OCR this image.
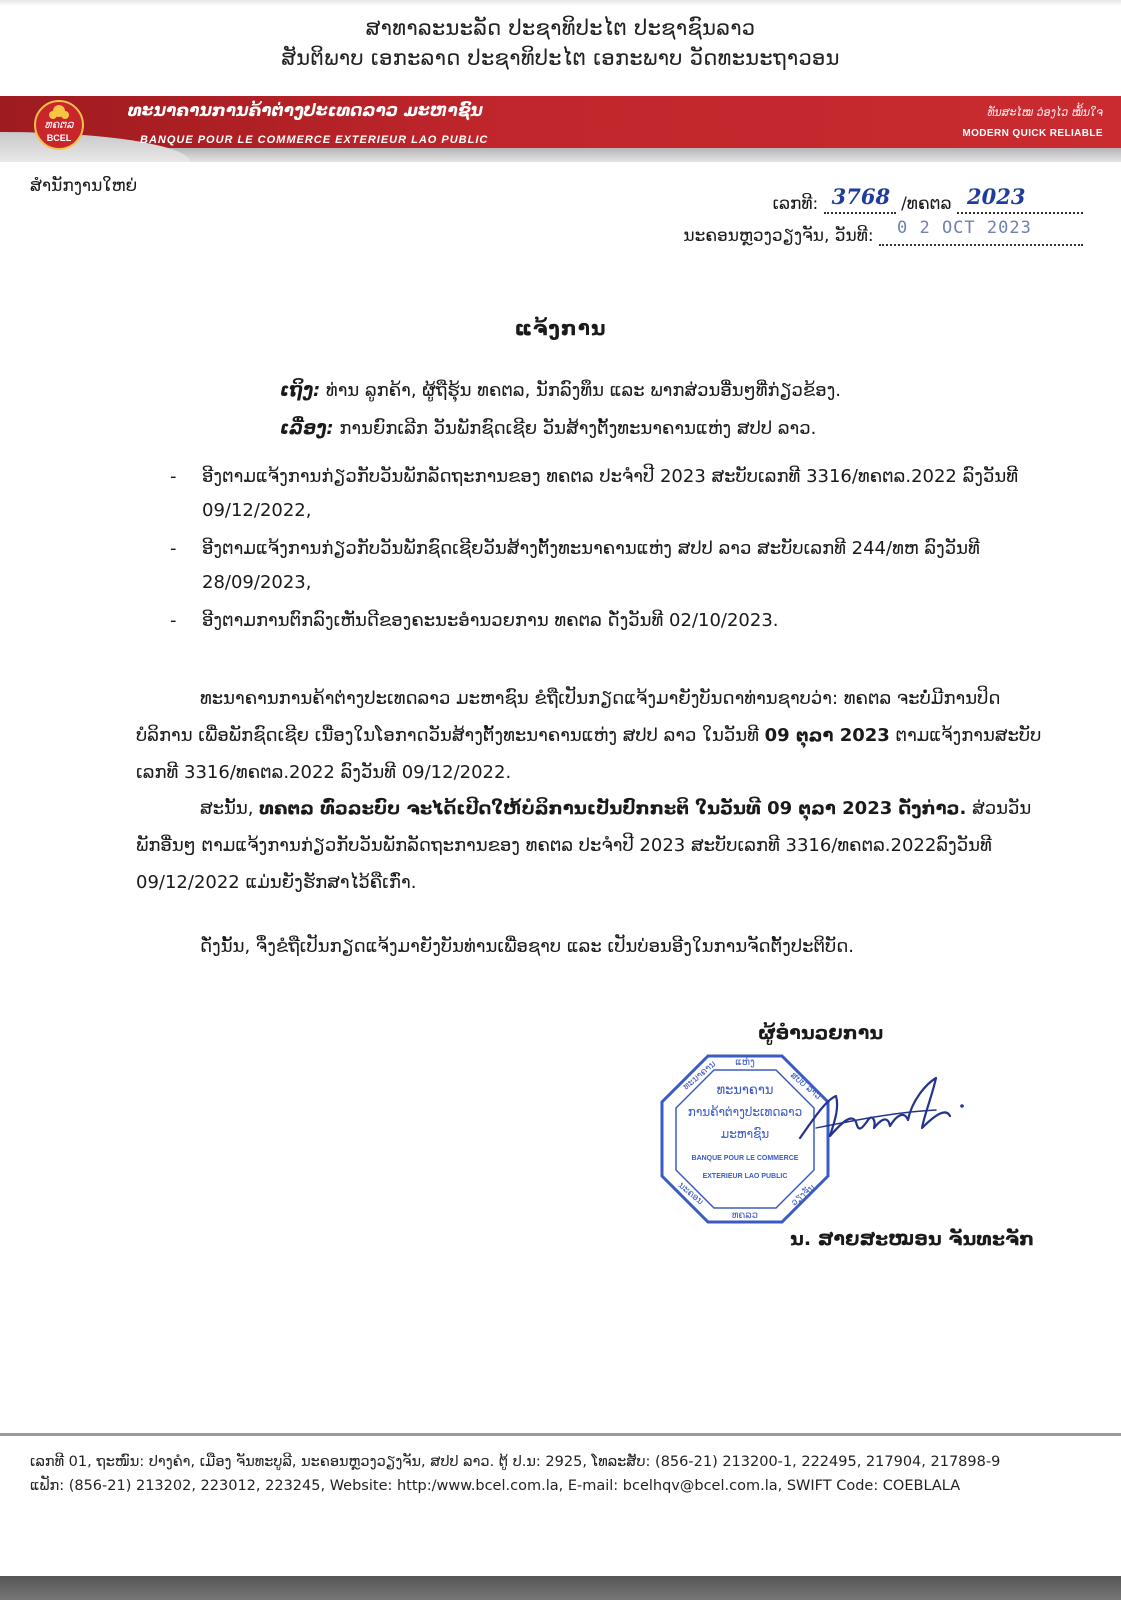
ສາທາລະນະລັດ ປະຊາທິປະໄຕ ປະຊາຊົນລາວ
ສັນຕິພາບ ເອກະລາດ ປະຊາທິປະໄຕ ເອກະພາບ ວັດທະນະຖາວອນ
ທຄຕລ
BCEL
ທະນາຄານການຄ້າຕ່າງປະເທດລາວ ມະຫາຊົນ
BANQUE POUR LE COMMERCE EXTERIEUR LAO PUBLIC
ທັນສະໄໝ ວ່ອງໄວ ໝັ້ນໃຈ
MODERN QUICK RELIABLE
ສຳນັກງານໃຫຍ່
ເລກທີ: 3768 /ທຄຕລ 2023
ນະຄອນຫຼວງວຽງຈັນ, ວັນທີ: 0 2 OCT 2023
ແຈ້ງການ
ເຖິງ: ທ່ານ ລູກຄ້າ, ຜູ້ຖືຮຸ້ນ ທຄຕລ, ນັກລົງທຶນ ແລະ ພາກສ່ວນອື່ນໆທີ່ກ່ຽວຂ້ອງ.
ເລື່ອງ: ການຍົກເລີກ ວັນພັກຊົດເຊີຍ ວັນສ້າງຕັ້ງທະນາຄານແຫ່ງ ສປປ ລາວ.
- ອີງຕາມແຈ້ງການກ່ຽວກັບວັນພັກລັດຖະການຂອງ ທຄຕລ ປະຈຳປີ 2023 ສະບັບເລກທີ 3316/ທຄຕລ.2022 ລົງວັນທີ 09/12/2022,
- ອີງຕາມແຈ້ງການກ່ຽວກັບວັນພັກຊົດເຊີຍວັນສ້າງຕັ້ງທະນາຄານແຫ່ງ ສປປ ລາວ ສະບັບເລກທີ 244/ທຫ ລົງວັນທີ 28/09/2023,
- ອີງຕາມການຕົກລົງເຫັນດີຂອງຄະນະອຳນວຍການ ທຄຕລ ດັ່ງວັນທີ 02/10/2023.

ທະນາຄານການຄ້າຕ່າງປະເທດລາວ ມະຫາຊົນ ຂໍຖືເປັນກຽດແຈ້ງມາຍັງບັນດາທ່ານຊາບວ່າ: ທຄຕລ ຈະບໍ່ມີການປິດບໍລິການ ເພື່ອພັກຊົດເຊີຍ ເນື່ອງໃນໂອກາດວັນສ້າງຕັ້ງທະນາຄານແຫ່ງ ສປປ ລາວ ໃນວັນທີ 09 ຕຸລາ 2023 ຕາມແຈ້ງການສະບັບເລກທີ 3316/ທຄຕລ.2022 ລົງວັນທີ 09/12/2022.

ສະນັ້ນ, ທຄຕລ ທົ່ວລະບົບ ຈະໄດ້ເປີດໃຫ້ບໍລິການເປັນປົກກະຕິ ໃນວັນທີ 09 ຕຸລາ 2023 ດັ່ງກ່າວ. ສ່ວນວັນພັກອື່ນໆ ຕາມແຈ້ງການກ່ຽວກັບວັນພັກລັດຖະການຂອງ ທຄຕລ ປະຈຳປີ 2023 ສະບັບເລກທີ 3316/ທຄຕລ.2022ລົງວັນທີ 09/12/2022 ແມ່ນຍັງຮັກສາໄວ້ຄືເກົ່າ.

ດັ່ງນັ້ນ, ຈຶ່ງຂໍຖືເປັນກຽດແຈ້ງມາຍັງບັນທ່ານເພື່ອຊາບ ແລະ ເປັນບ່ອນອີງໃນການຈັດຕັ້ງປະຕິບັດ.

ຜູ້ອຳນວຍການ
ແຫ່ງ
ທະນາຄານ	ສປປ ລາວ
ທະນາຄານ
ການຄ້າຕ່າງປະເທດລາວ
ມະຫາຊົນ
BANQUE POUR LE COMMERCE
EXTERIEUR LAO PUBLIC
ນະຄອນ	ວຽງຈັນ
ທຄລວ
ນ. ສາຍສະໝອນ ຈັນທະຈັກ
ເລກທີ 01, ຖະໜົນ: ປາງຄຳ, ເມືອງ ຈັນທະບູລີ, ນະຄອນຫຼວງວຽງຈັນ, ສປປ ລາວ. ຕູ້ ປ.ນ: 2925, ໂທລະສັບ: (856-21) 213200-1, 222495, 217904, 217898-9
ແຟັກ: (856-21) 213202, 223012, 223245, Website: http:/www.bcel.com.la, E-mail: bcelhqv@bcel.com.la, SWIFT Code: COEBLALA
